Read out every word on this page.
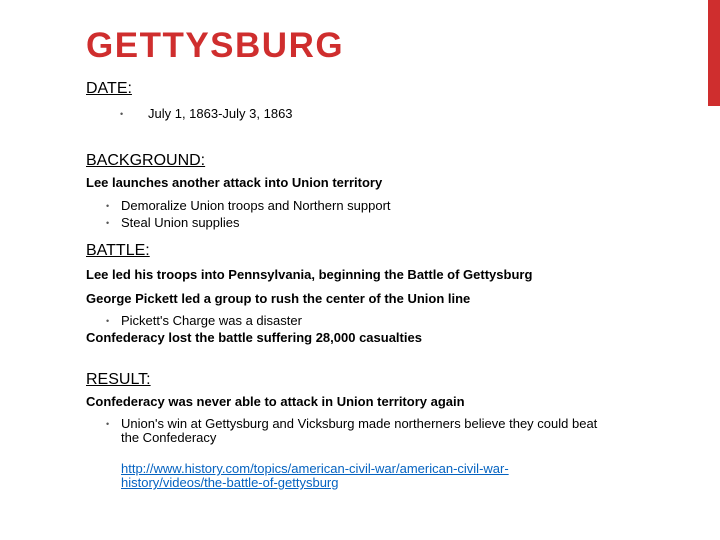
GETTYSBURG

DATE:

• July 1, 1863-July 3, 1863

BACKGROUND:

Lee launches another attack into Union territory

• Demoralize Union troops and Northern support
• Steal Union supplies

BATTLE:

Lee led his troops into Pennsylvania, beginning the Battle of Gettysburg

George Pickett led a group to rush the center of the Union line

• Pickett's Charge was a disaster

Confederacy lost the battle suffering 28,000 casualties

RESULT:

Confederacy was never able to attack in Union territory again

• Union's win at Gettysburg and Vicksburg made northerners believe they could beat the Confederacy
http://www.history.com/topics/american-civil-war/american-civil-war-history/videos/the-battle-of-gettysburg
